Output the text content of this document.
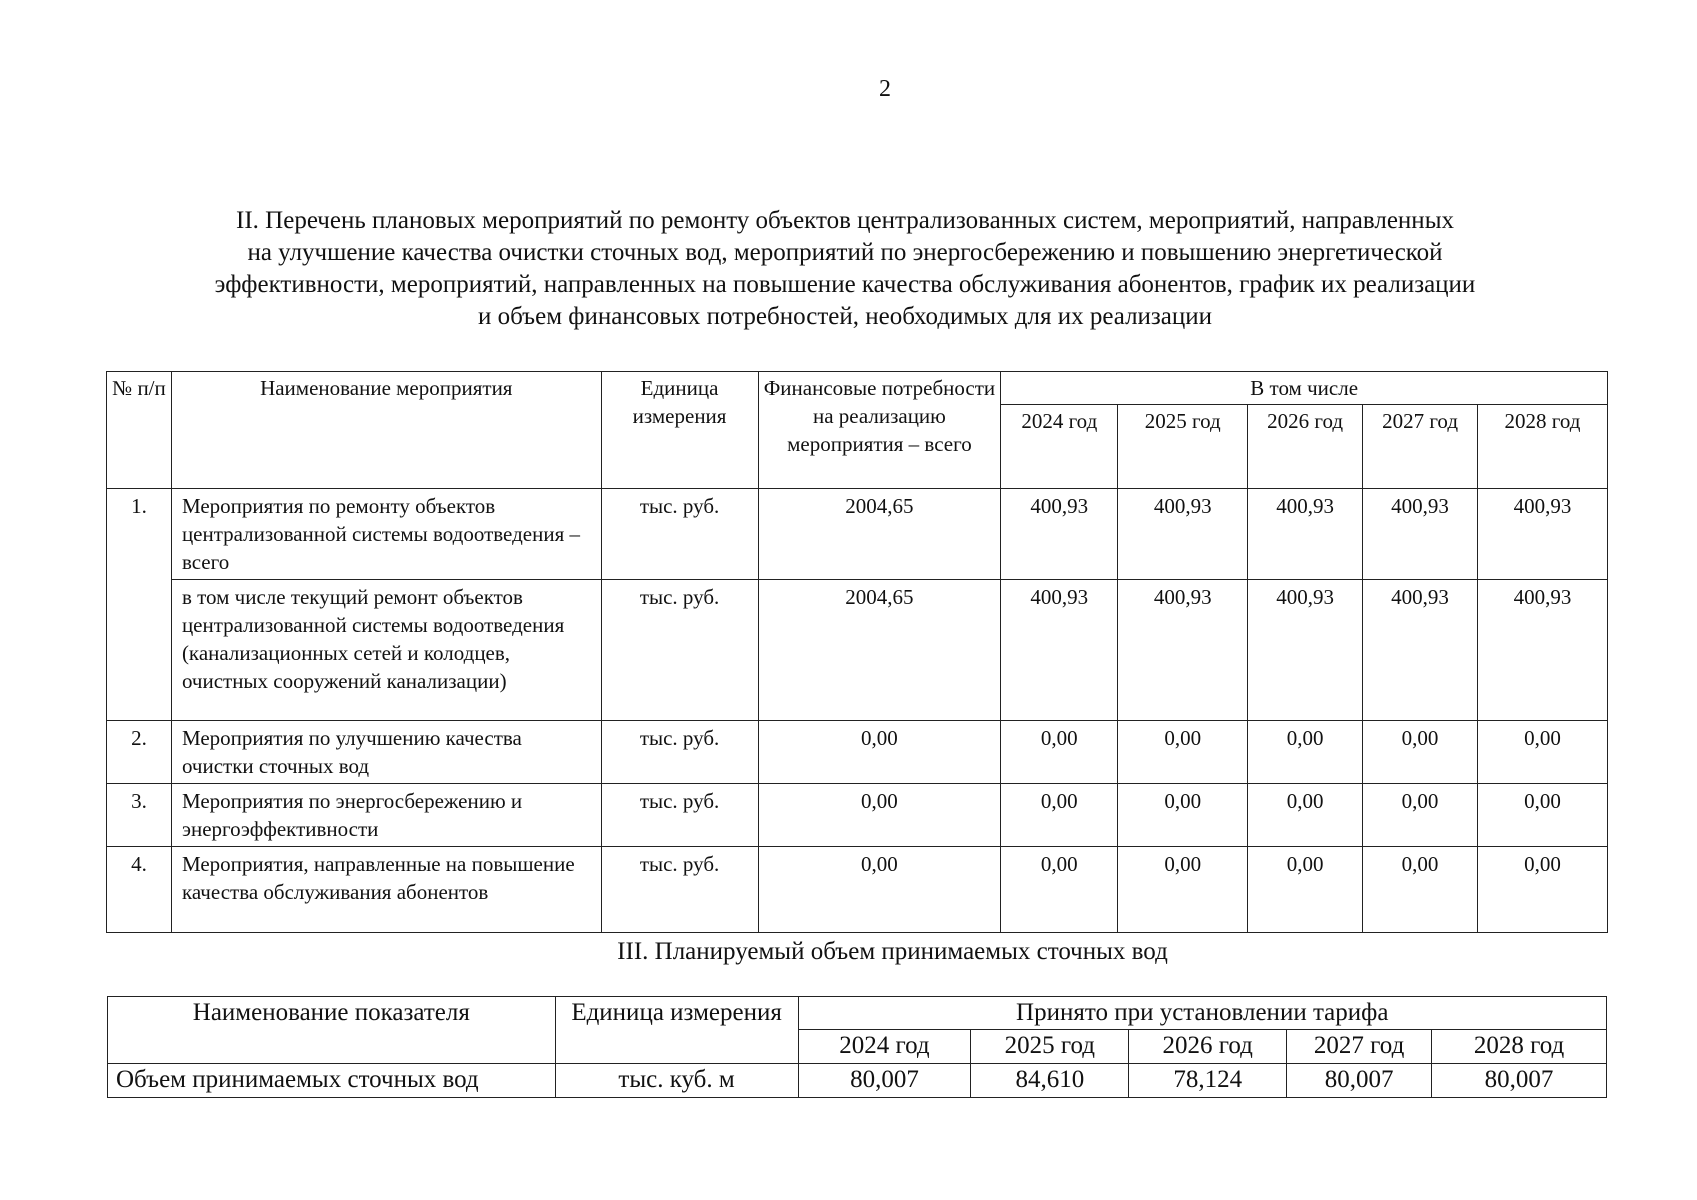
2
II. Перечень плановых мероприятий по ремонту объектов централизованных систем, мероприятий, направленных
на улучшение качества очистки сточных вод, мероприятий по энергосбережению и повышению энергетической
эффективности, мероприятий, направленных на повышение качества обслуживания абонентов, график их реализации
и объем финансовых потребностей, необходимых для их реализации
№ п/п	Наименование мероприятия	Единица измерения	Финансовые потребности на реализацию мероприятия – всего	В том числе				
				2024 год	2025 год	2026 год	2027 год	2028 год
1.	Мероприятия по ремонту объектов централизованной системы водоотведения – всего	тыс. руб.	2004,65	400,93	400,93	400,93	400,93	400,93
	в том числе текущий ремонт объектов централизованной системы водоотведения (канализационных сетей и колодцев, очистных сооружений канализации)	тыс. руб.	2004,65	400,93	400,93	400,93	400,93	400,93
2.	Мероприятия по улучшению качества очистки сточных вод	тыс. руб.	0,00	0,00	0,00	0,00	0,00	0,00
3.	Мероприятия по энергосбережению и энергоэффективности	тыс. руб.	0,00	0,00	0,00	0,00	0,00	0,00
4.	Мероприятия, направленные на повышение качества обслуживания абонентов	тыс. руб.	0,00	0,00	0,00	0,00	0,00	0,00
III. Планируемый объем принимаемых сточных вод
Наименование показателя	Единица измерения	Принято при установлении тарифа				
		2024 год	2025 год	2026 год	2027 год	2028 год
Объем принимаемых сточных вод	тыс. куб. м	80,007	84,610	78,124	80,007	80,007
